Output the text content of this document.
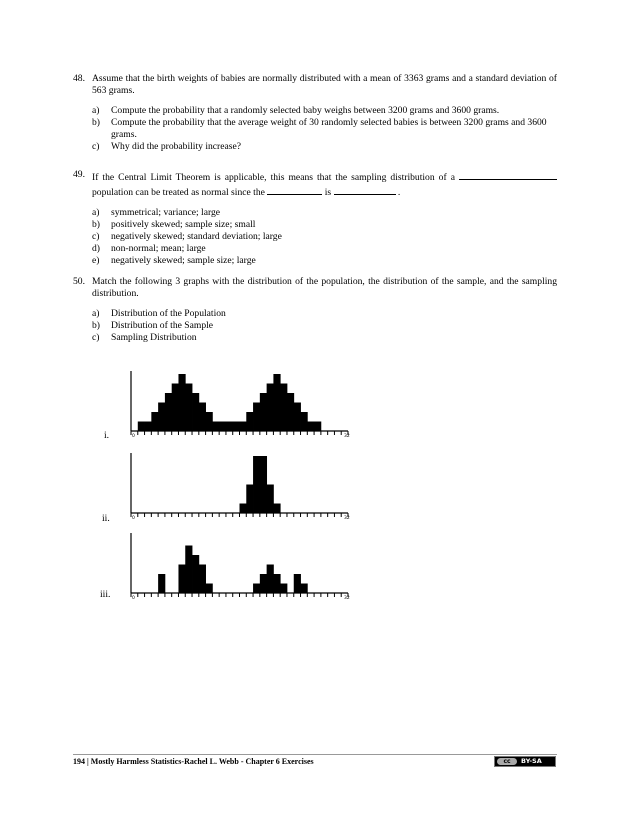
48. Assume that the birth weights of babies are normally distributed with a mean of 3363 grams and a standard deviation of 563 grams.
a)	Compute the probability that a randomly selected baby weighs between 3200 grams and 3600 grams.
b)	Compute the probability that the average weight of 30 randomly selected babies is between 3200 grams and 3600 grams.
c)	Why did the probability increase?
49. If the Central Limit Theorem is applicable, this means that the sampling distribution of a  population can be treated as normal since the	is	.
a)	symmetrical; variance; large
b)	positively skewed; sample size; small
c)	negatively skewed; standard deviation; large
d)	non-normal; mean; large
e)	negatively skewed; sample size; large
50. Match the following 3 graphs with the distribution of the population, the distribution of the sample, and the sampling distribution.
a)	Distribution of the Population
b)	Distribution of the Sample
c)	Sampling Distribution
i.	0	32
ii.	0	32
iii.	0	32
194 | Mostly Harmless Statistics-Rachel L. Webb - Chapter 6 Exercises	cc	BY-SA
